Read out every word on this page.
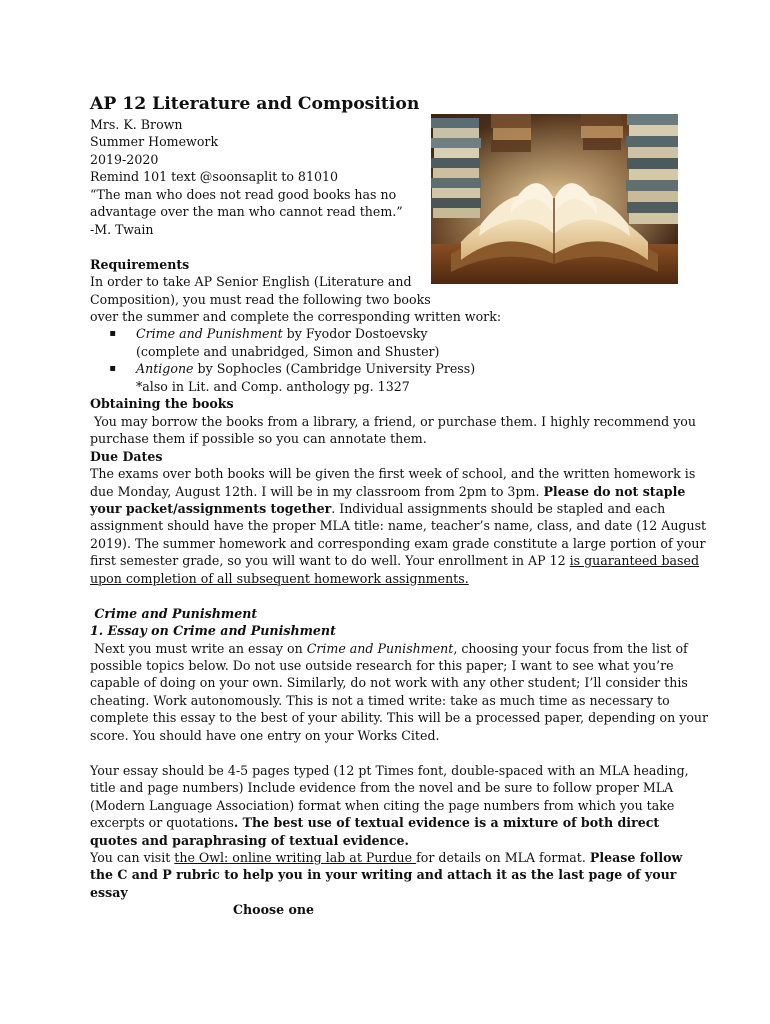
AP 12 Literature and Composition
Mrs. K. Brown
Summer Homework
2019-2020
Remind 101 text @soonsaplit to 81010
“The man who does not read good books has no
advantage over the man who cannot read them.”
-M. Twain
Requirements
In order to take AP Senior English (Literature and
Composition), you must read the following two books
over the summer and complete the corresponding written work:
▪	Crime and Punishment by Fyodor Dostoevsky
(complete and unabridged, Simon and Shuster)
▪	Antigone by Sophocles (Cambridge University Press)
*also in Lit. and Comp. anthology pg. 1327
Obtaining the books
You may borrow the books from a library, a friend, or purchase them. I highly recommend you
purchase them if possible so you can annotate them.
Due Dates
The exams over both books will be given the first week of school, and the written homework is
due Monday, August 12th. I will be in my classroom from 2pm to 3pm. Please do not staple
your packet/assignments together. Individual assignments should be stapled and each
assignment should have the proper MLA title: name, teacher’s name, class, and date (12 August
2019). The summer homework and corresponding exam grade constitute a large portion of your
first semester grade, so you will want to do well. Your enrollment in AP 12 is guaranteed based
upon completion of all subsequent homework assignments.
Crime and Punishment
1. Essay on Crime and Punishment
Next you must write an essay on Crime and Punishment, choosing your focus from the list of
possible topics below. Do not use outside research for this paper; I want to see what you’re
capable of doing on your own. Similarly, do not work with any other student; I’ll consider this
cheating. Work autonomously. This is not a timed write: take as much time as necessary to
complete this essay to the best of your ability. This will be a processed paper, depending on your
score. You should have one entry on your Works Cited.
Your essay should be 4-5 pages typed (12 pt Times font, double-spaced with an MLA heading,
title and page numbers) Include evidence from the novel and be sure to follow proper MLA
(Modern Language Association) format when citing the page numbers from which you take
excerpts or quotations. The best use of textual evidence is a mixture of both direct
quotes and paraphrasing of textual evidence.
You can visit the Owl: online writing lab at Purdue for details on MLA format. Please follow
the C and P rubric to help you in your writing and attach it as the last page of your
essay
Choose one
